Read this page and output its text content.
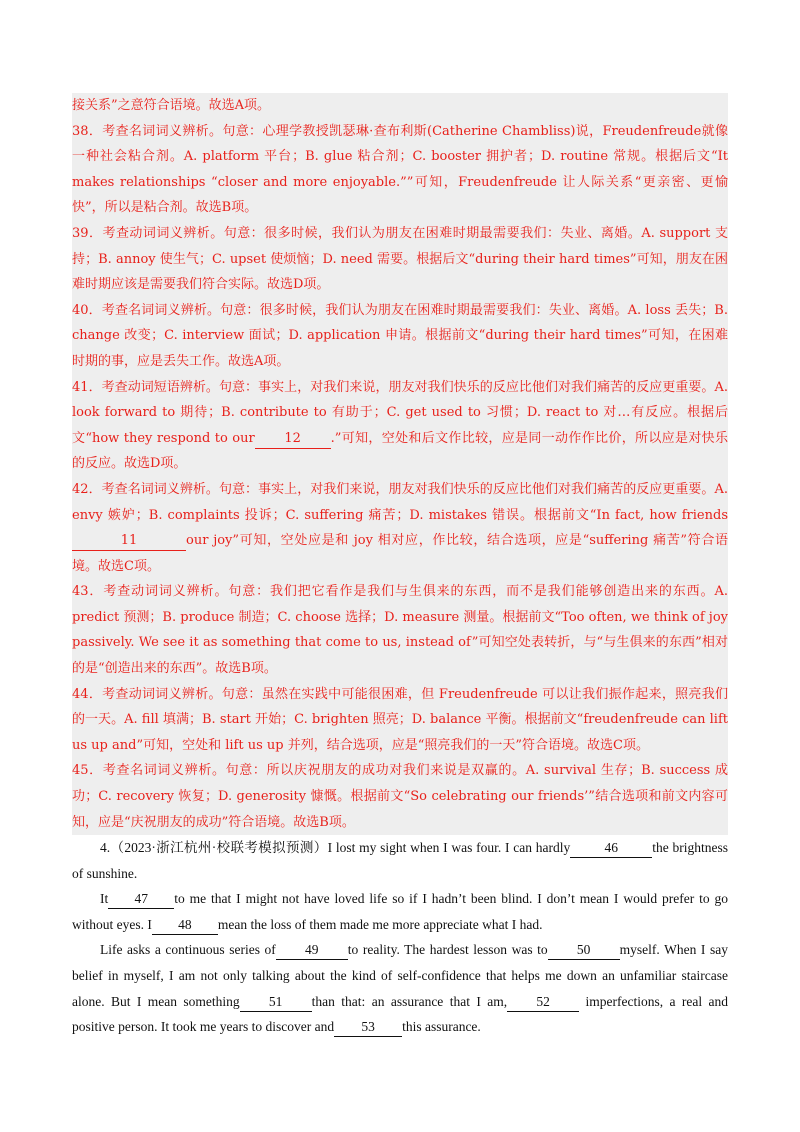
接关系”之意符合语境。故选A项。

38．考查名词词义辨析。句意：心理学教授凯瑟琳·查布利斯(Catherine Chambliss)说，Freudenfreude就像一种社会粘合剂。A. platform 平台；B. glue 粘合剂；C. booster 拥护者；D. routine 常规。根据后文“It makes relationships “closer and more enjoyable.””可知，Freudenfreude 让人际关系“更亲密、更愉快”，所以是粘合剂。故选B项。

39．考查动词词义辨析。句意：很多时候，我们认为朋友在困难时期最需要我们：失业、离婚。A. support 支持；B. annoy 使生气；C. upset 使烦恼；D. need 需要。根据后文“during their hard times”可知，朋友在困难时期应该是需要我们符合实际。故选D项。

40．考查名词词义辨析。句意：很多时候，我们认为朋友在困难时期最需要我们：失业、离婚。A. loss 丢失；B. change 改变；C. interview 面试；D. application 申请。根据前文“during their hard times”可知，在困难时期的事，应是丢失工作。故选A项。

41．考查动词短语辨析。句意：事实上，对我们来说，朋友对我们快乐的反应比他们对我们痛苦的反应更重要。A. look forward to 期待；B. contribute to 有助于；C. get used to 习惯；D. react to 对…有反应。根据后文“how they respond to our 12 .”可知，空处和后文作比较，应是同一动作作比价，所以应是对快乐的反应。故选D项。

42．考查名词词义辨析。句意：事实上，对我们来说，朋友对我们快乐的反应比他们对我们痛苦的反应更重要。A. envy 嫉妒；B. complaints 投诉；C. suffering 痛苦；D. mistakes 错误。根据前文“In fact, how friends11	our joy”可知，空处应是和 joy 相对应，作比较，结合选项，应是“suffering 痛苦”符合语境。故选C项。

43．考查动词词义辨析。句意：我们把它看作是我们与生俱来的东西，而不是我们能够创造出来的东西。A. predict 预测；B. produce 制造；C. choose 选择；D. measure 测量。根据前文“Too often, we think of joy passively. We see it as something that come to us, instead of”可知空处表转折，与“与生俱来的东西”相对的是“创造出来的东西”。故选B项。

44．考查动词词义辨析。句意：虽然在实践中可能很困难，但 Freudenfreude 可以让我们振作起来，照亮我们的一天。A. fill 填满；B. start 开始；C. brighten 照亮；D. balance 平衡。根据前文“freudenfreude can lift us up and”可知，空处和 lift us up 并列，结合选项，应是“照亮我们的一天”符合语境。故选C项。

45．考查名词词义辨析。句意：所以庆祝朋友的成功对我们来说是双赢的。A. survival 生存；B. success 成功；C. recovery 恢复；D. generosity 慷慨。根据前文“So celebrating our friends’”结合选项和前文内容可知，应是“庆祝朋友的成功”符合语境。故选B项。

4.（2023·浙江杭州·校联考模拟预测）I lost my sight when I was four. I can hardly	46	the brightness of sunshine.

It 47 to me that I might not have loved life so if I hadn’t been blind. I don’t mean I would prefer to go without eyes. I 48 mean the loss of them made me more appreciate what I had.

Life asks a continuous series of 49 to reality. The hardest lesson was to 50 myself. When I say belief in myself, I am not only talking about the kind of self-confidence that helps me down an unfamiliar staircase alone. But I mean something 51 than that: an assurance that I am, 52 imperfections, a real and positive person. It took me years to discover and 53 this assurance.
